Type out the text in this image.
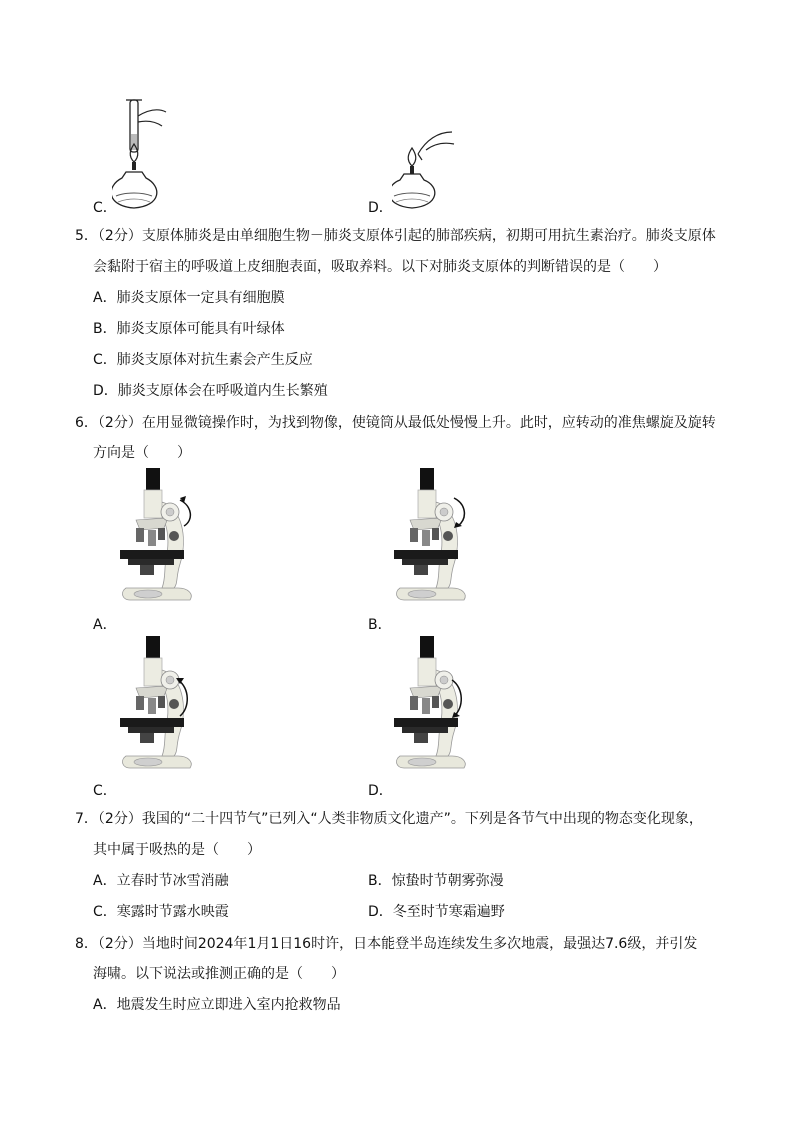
C．	D．
5．（2分）支原体肺炎是由单细胞生物－肺炎支原体引起的肺部疾病，初期可用抗生素治疗。肺炎支原体
会黏附于宿主的呼吸道上皮细胞表面，吸取养料。以下对肺炎支原体的判断错误的是（　　）
A．肺炎支原体一定具有细胞膜
B．肺炎支原体可能具有叶绿体
C．肺炎支原体对抗生素会产生反应
D．肺炎支原体会在呼吸道内生长繁殖
6．（2分）在用显微镜操作时，为找到物像，使镜筒从最低处慢慢上升。此时，应转动的准焦螺旋及旋转
方向是（　　）
A．	B．
C．	D．
7．（2分）我国的“二十四节气”已列入“人类非物质文化遗产”。下列是各节气中出现的物态变化现象，
其中属于吸热的是（　　）
A．立春时节冰雪消融	B．惊蛰时节朝雾弥漫
C．寒露时节露水映霞	D．冬至时节寒霜遍野
8．（2分）当地时间2024年1月1日16时许，日本能登半岛连续发生多次地震，最强达7.6级，并引发
海啸。以下说法或推测正确的是（　　）
A．地震发生时应立即进入室内抢救物品
